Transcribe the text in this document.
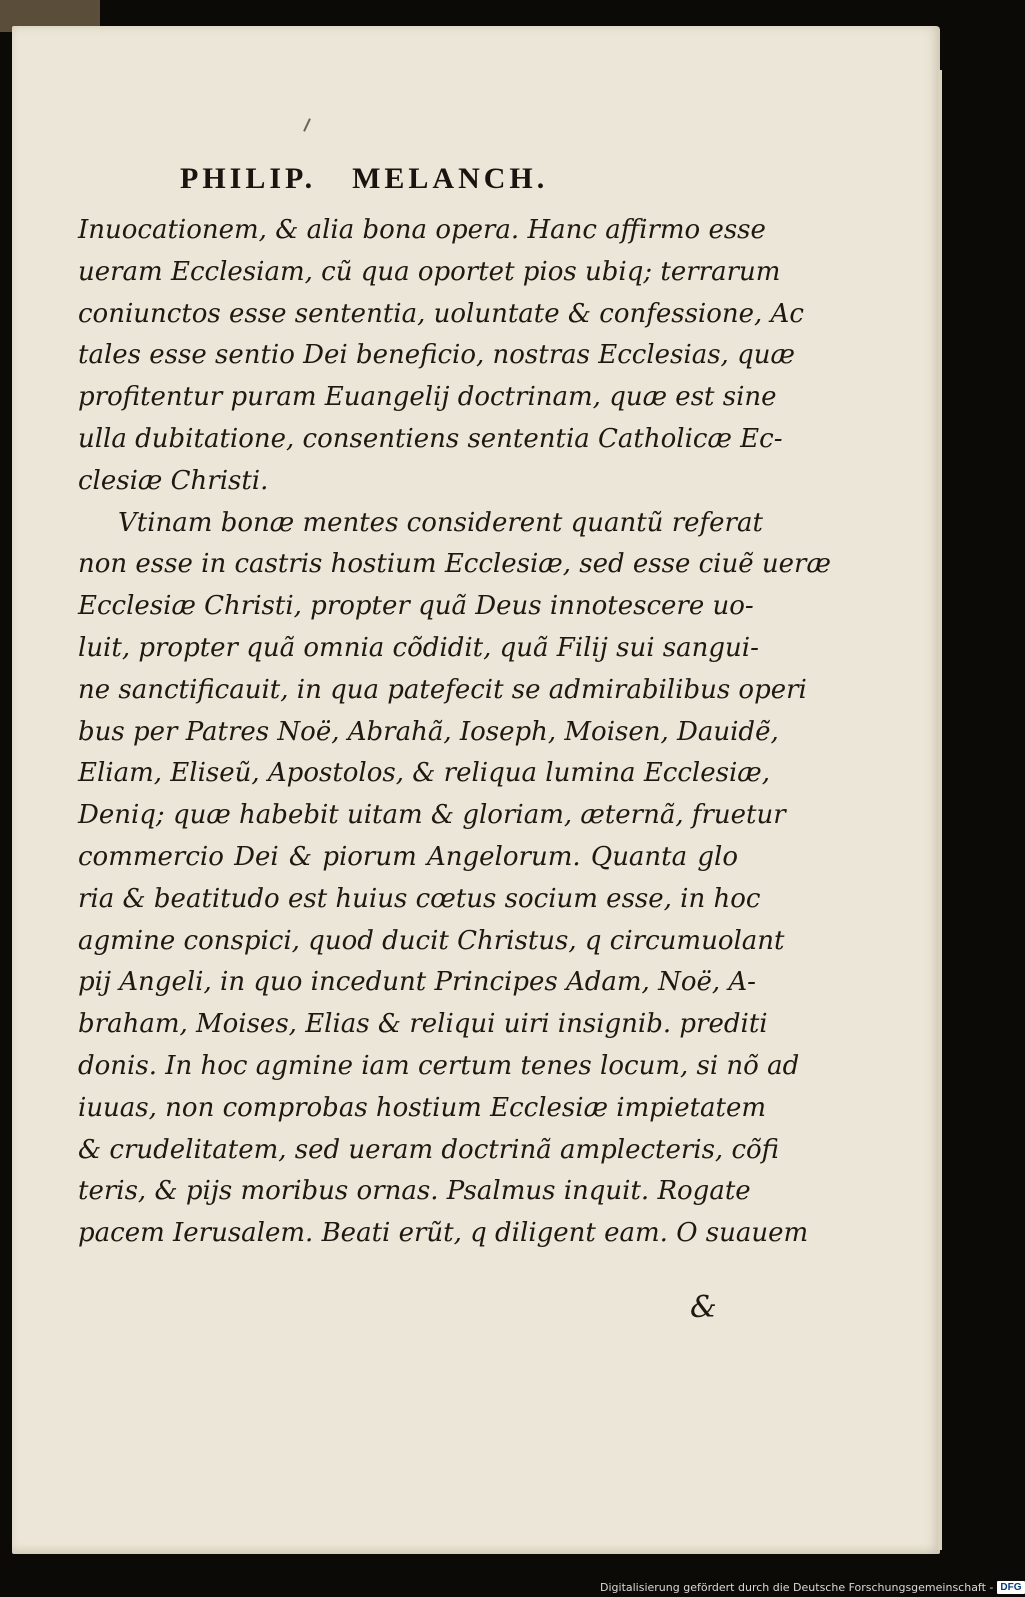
PHILIP. MELANCH.
Inuocationem, & alia bona opera. Hanc affirmo esse
ueram Ecclesiam, cũ qua oportet pios ubiq; terrarum
coniunctos esse sententia, uoluntate & confessione, Ac
tales esse sentio Dei beneficio, nostras Ecclesias, quæ
profitentur puram Euangelij doctrinam, quæ est sine
ulla dubitatione, consentiens sententia Catholicæ Ec-
clesiæ Christi.
Vtinam bonæ mentes considerent quantũ referat
non esse in castris hostium Ecclesiæ, sed esse ciuẽ ueræ
Ecclesiæ Christi, propter quã Deus innotescere uo-
luit, propter quã omnia cõdidit, quã Filij sui sangui-
ne sanctificauit, in qua patefecit se admirabilibus operi
bus per Patres Noë, Abrahã, Ioseph, Moisen, Dauidẽ,
Eliam, Eliseũ, Apostolos, & reliqua lumina Ecclesiæ,
Deniq; quæ habebit uitam & gloriam, æternã, fruetur
commercio Dei & piorum Angelorum. Quanta glo
ria & beatitudo est huius cœtus socium esse, in hoc
agmine conspici, quod ducit Christus, q circumuolant
pij Angeli, in quo incedunt Principes Adam, Noë, A-
braham, Moises, Elias & reliqui uiri insignib. prediti
donis. In hoc agmine iam certum tenes locum, si nõ ad
iuuas, non comprobas hostium Ecclesiæ impietatem
& crudelitatem, sed ueram doctrinã amplecteris, cõfi
teris, & pijs moribus ornas. Psalmus inquit. Rogate
pacem Ierusalem. Beati erũt, q diligent eam. O suauem
&
Digitalisierung gefördert durch die Deutsche Forschungsgemeinschaft - DFG
